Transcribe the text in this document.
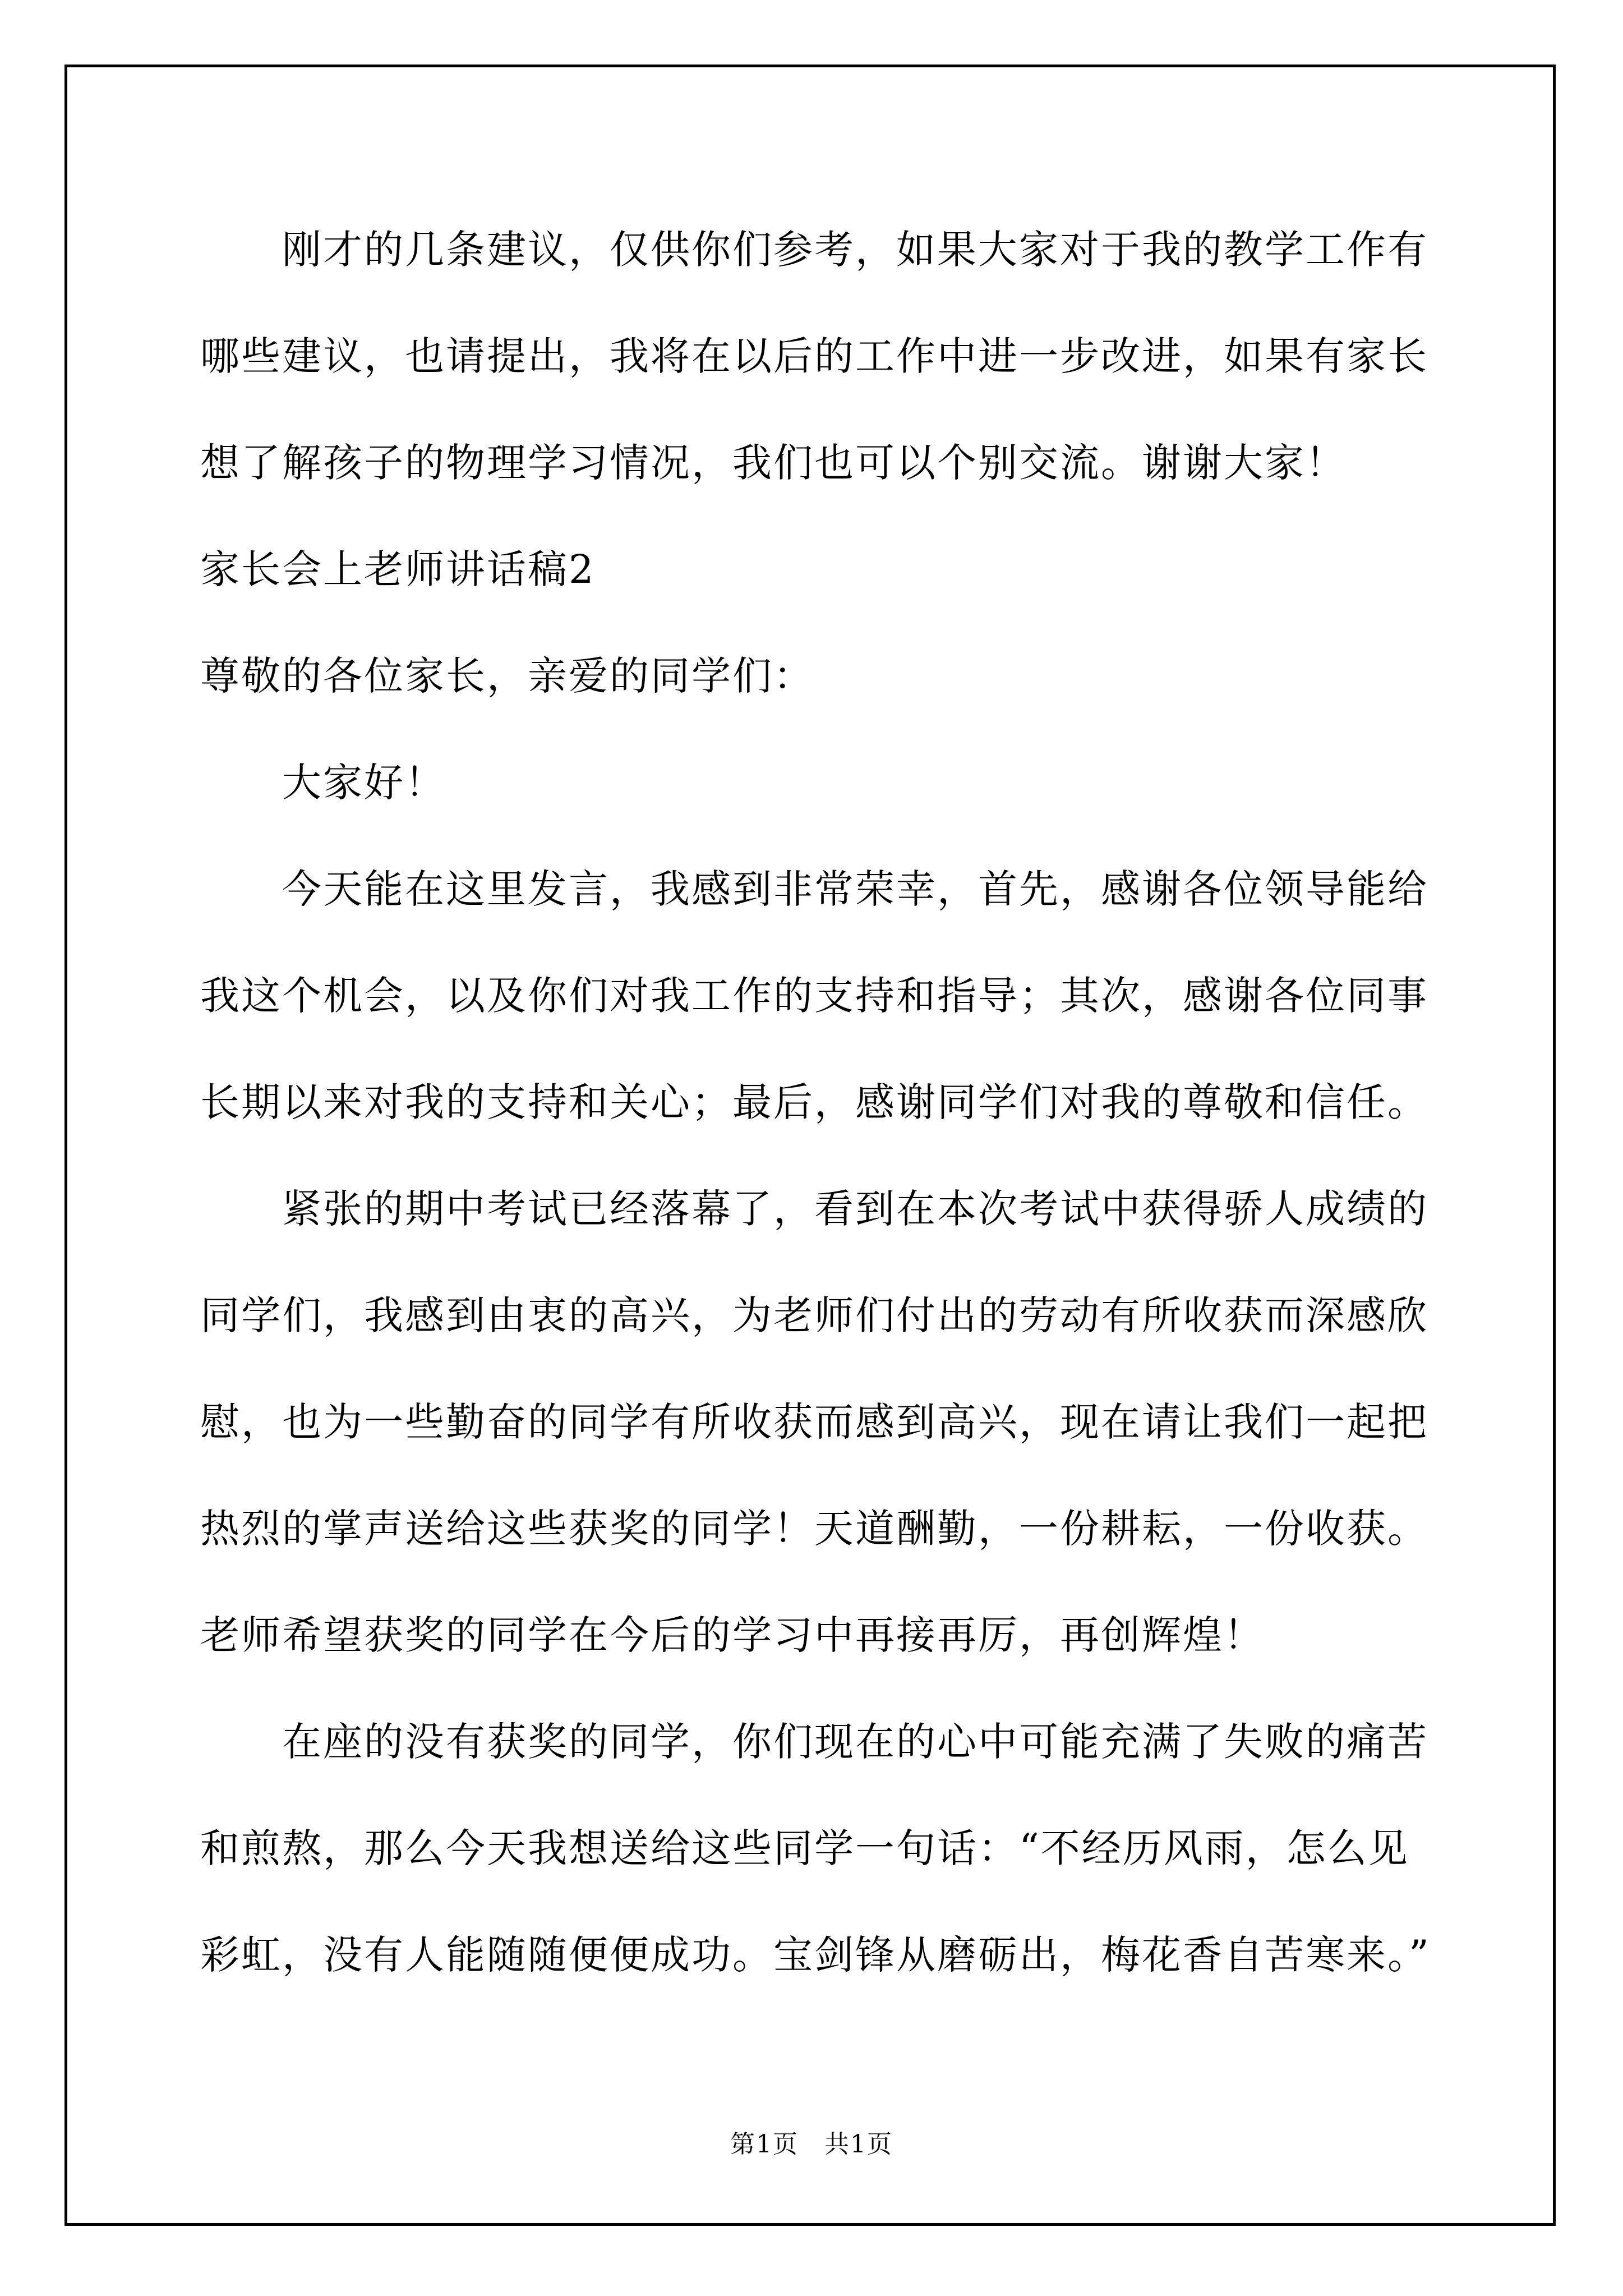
　　刚才的几条建议，仅供你们参考，如果大家对于我的教学工作有
哪些建议，也请提出，我将在以后的工作中进一步改进，如果有家长
想了解孩子的物理学习情况，我们也可以个别交流。谢谢大家！
家长会上老师讲话稿2
尊敬的各位家长，亲爱的同学们：
　　大家好！
　　今天能在这里发言，我感到非常荣幸，首先，感谢各位领导能给
我这个机会，以及你们对我工作的支持和指导；其次，感谢各位同事
长期以来对我的支持和关心；最后，感谢同学们对我的尊敬和信任。
　　紧张的期中考试已经落幕了，看到在本次考试中获得骄人成绩的
同学们，我感到由衷的高兴，为老师们付出的劳动有所收获而深感欣
慰，也为一些勤奋的同学有所收获而感到高兴，现在请让我们一起把
热烈的掌声送给这些获奖的同学！天道酬勤，一份耕耘，一份收获。
老师希望获奖的同学在今后的学习中再接再厉，再创辉煌！
　　在座的没有获奖的同学，你们现在的心中可能充满了失败的痛苦
和煎熬，那么今天我想送给这些同学一句话：“不经历风雨，怎么见
彩虹，没有人能随随便便成功。宝剑锋从磨砺出，梅花香自苦寒来。”
第1页　共1页
